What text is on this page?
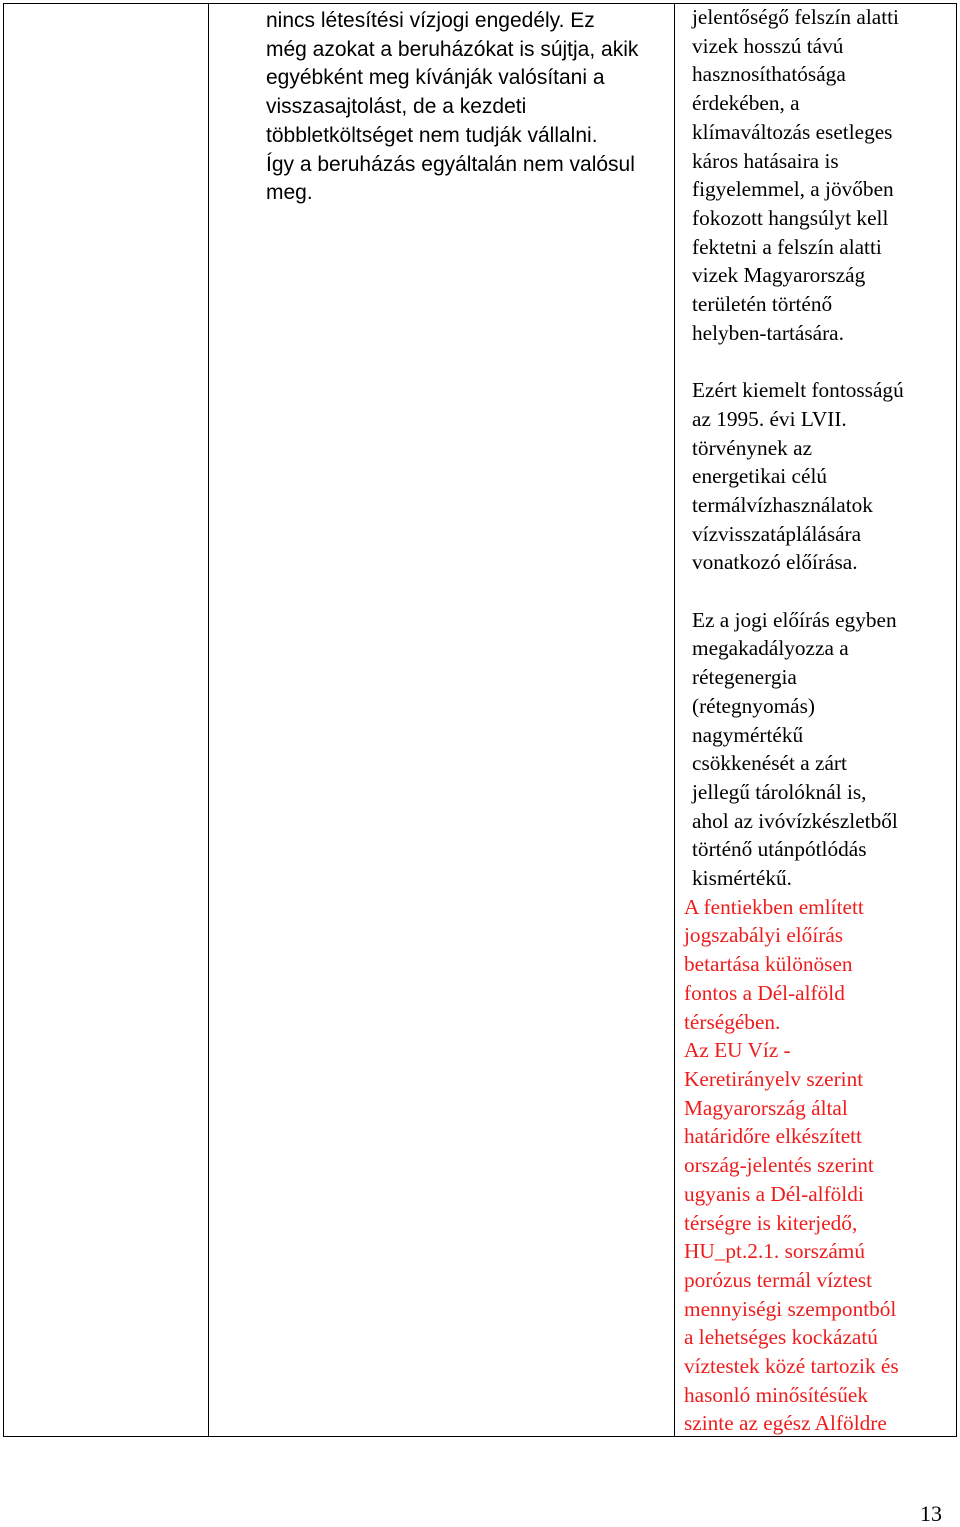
nincs létesítési vízjogi engedély. Ez

még azokat a beruházókat is sújtja, akik

egyébként meg kívánják valósítani a

visszasajtolást, de a kezdeti

többletköltséget nem tudják vállalni.

Így a beruházás egyáltalán nem valósul

meg.

jelentőségő felszín alatti

vizek hosszú távú

hasznosíthatósága

érdekében, a

klímaváltozás esetleges

káros hatásaira is

figyelemmel, a jövőben

fokozott hangsúlyt kell

fektetni a felszín alatti

vizek Magyarország

területén történő

helyben-tartására.

Ezért kiemelt fontosságú

az 1995. évi LVII.

törvénynek az

energetikai célú

termálvízhasználatok

vízvisszatáplálására

vonatkozó előírása.

Ez a jogi előírás egyben

megakadályozza a

rétegenergia

(rétegnyomás)

nagymértékű

csökkenését a zárt

jellegű tárolóknál is,

ahol az ivóvízkészletből

történő utánpótlódás

kismértékű.

A fentiekben említett

jogszabályi előírás

betartása különösen

fontos a Dél-alföld

térségében.

Az EU Víz -

Keretirányelv szerint

Magyarország által

határidőre elkészített

ország-jelentés szerint

ugyanis a Dél-alföldi

térségre is kiterjedő,

HU_pt.2.1. sorszámú

porózus termál víztest

mennyiségi szempontból

a lehetséges kockázatú

víztestek közé tartozik és

hasonló minősítésűek

szinte az egész Alföldre

13
